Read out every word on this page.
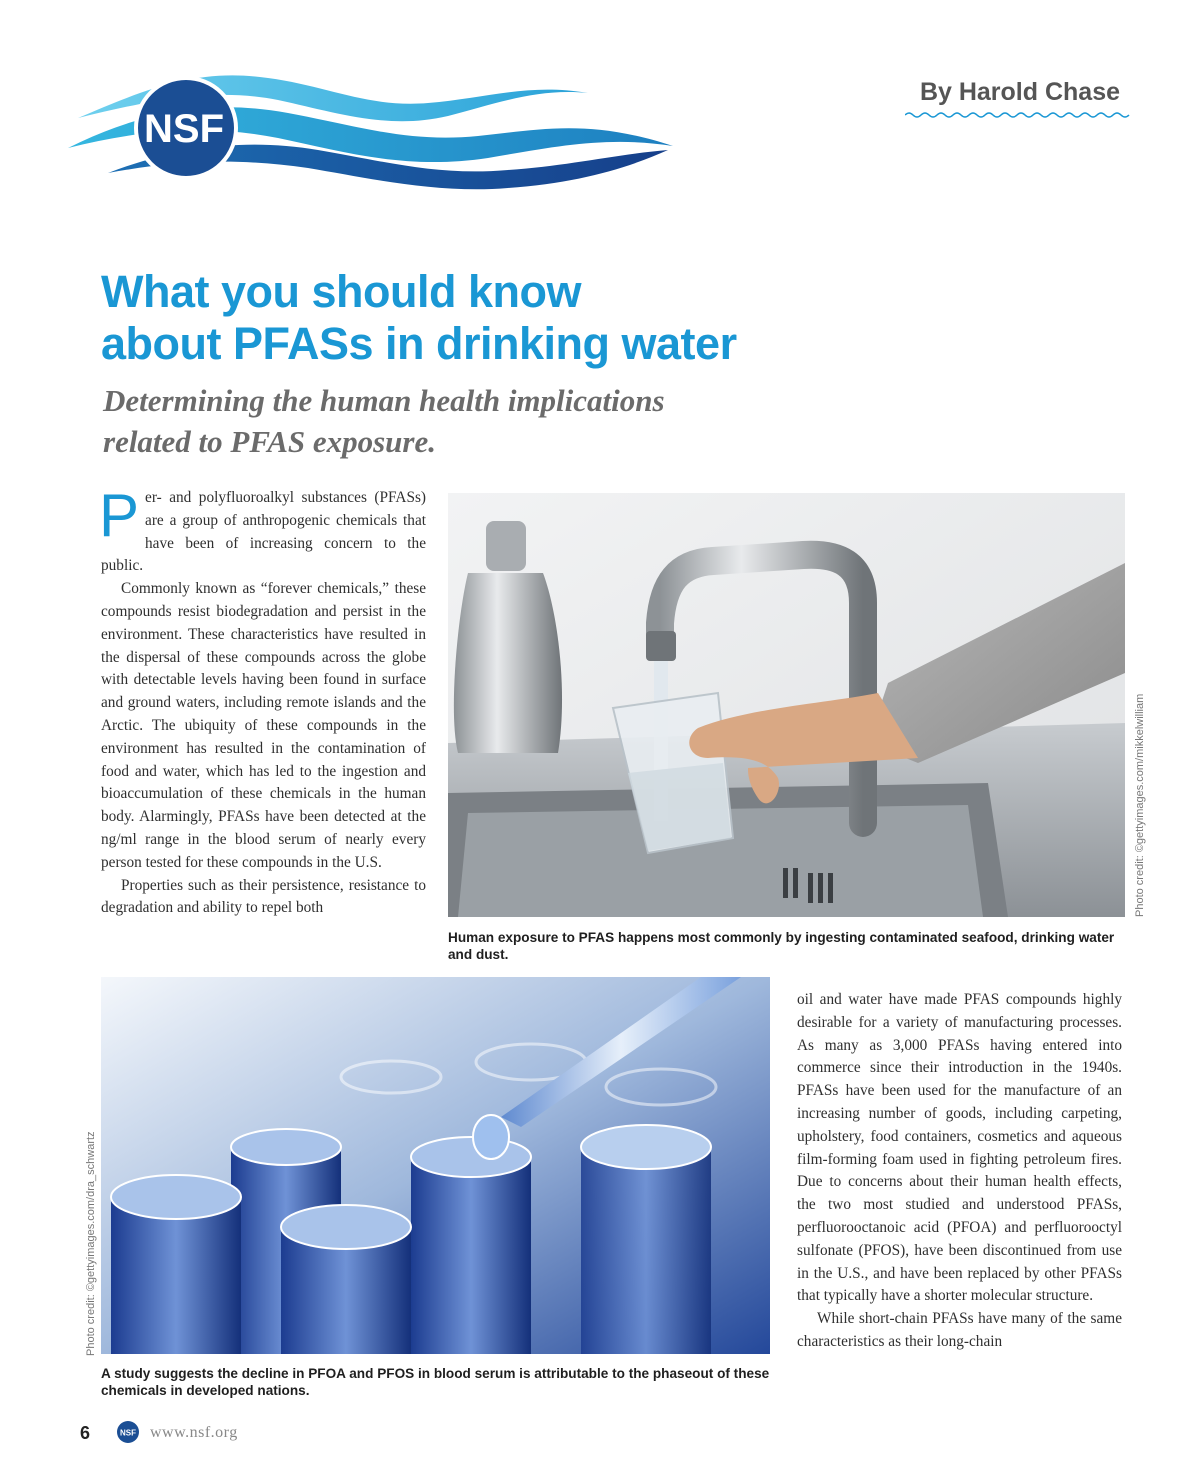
NSF
By Harold Chase
What you should know
about PFASs in drinking water
Determining the human health implications
related to PFAS exposure.

Per- and polyfluoroalkyl substances (PFASs) are a group of anthropogenic chemicals that have been of increasing concern to the public.

Commonly known as “forever chemicals,” these compounds resist biodegradation and persist in the environment. These characteristics have resulted in the dispersal of these compounds across the globe with detectable levels having been found in surface and ground waters, including remote islands and the Arctic. The ubiquity of these compounds in the environment has resulted in the contamination of food and water, which has led to the ingestion and bioaccumulation of these chemicals in the human body. Alarmingly, PFASs have been detected at the ng/ml range in the blood serum of nearly every person tested for these compounds in the U.S.

Properties such as their persistence, resistance to degradation and ability to repel both	Photo credit: ©gettyimages.com/mikkelwilliam
Human exposure to PFAS happens most commonly by ingesting contaminated seafood, drinking water and dust.
Photo credit: ©gettyimages.com/dra_schwartz
A study suggests the decline in PFOA and PFOS in blood serum is attributable to the phaseout of these chemicals in developed nations.

oil and water have made PFAS compounds highly desirable for a variety of manufacturing processes. As many as 3,000 PFASs having entered into commerce since their introduction in the 1940s. PFASs have been used for the manufacture of an increasing number of goods, including carpeting, upholstery, food containers, cosmetics and aqueous film-forming foam used in fighting petroleum fires. Due to concerns about their human health effects, the two most studied and understood PFASs, perfluorooctanoic acid (PFOA) and perfluorooctyl sulfonate (PFOS), have been discontinued from use in the U.S., and have been replaced by other PFASs that typically have a shorter molecular structure.

While short-chain PFASs have many of the same characteristics as their long-chain

6	NSF www.nsf.org
